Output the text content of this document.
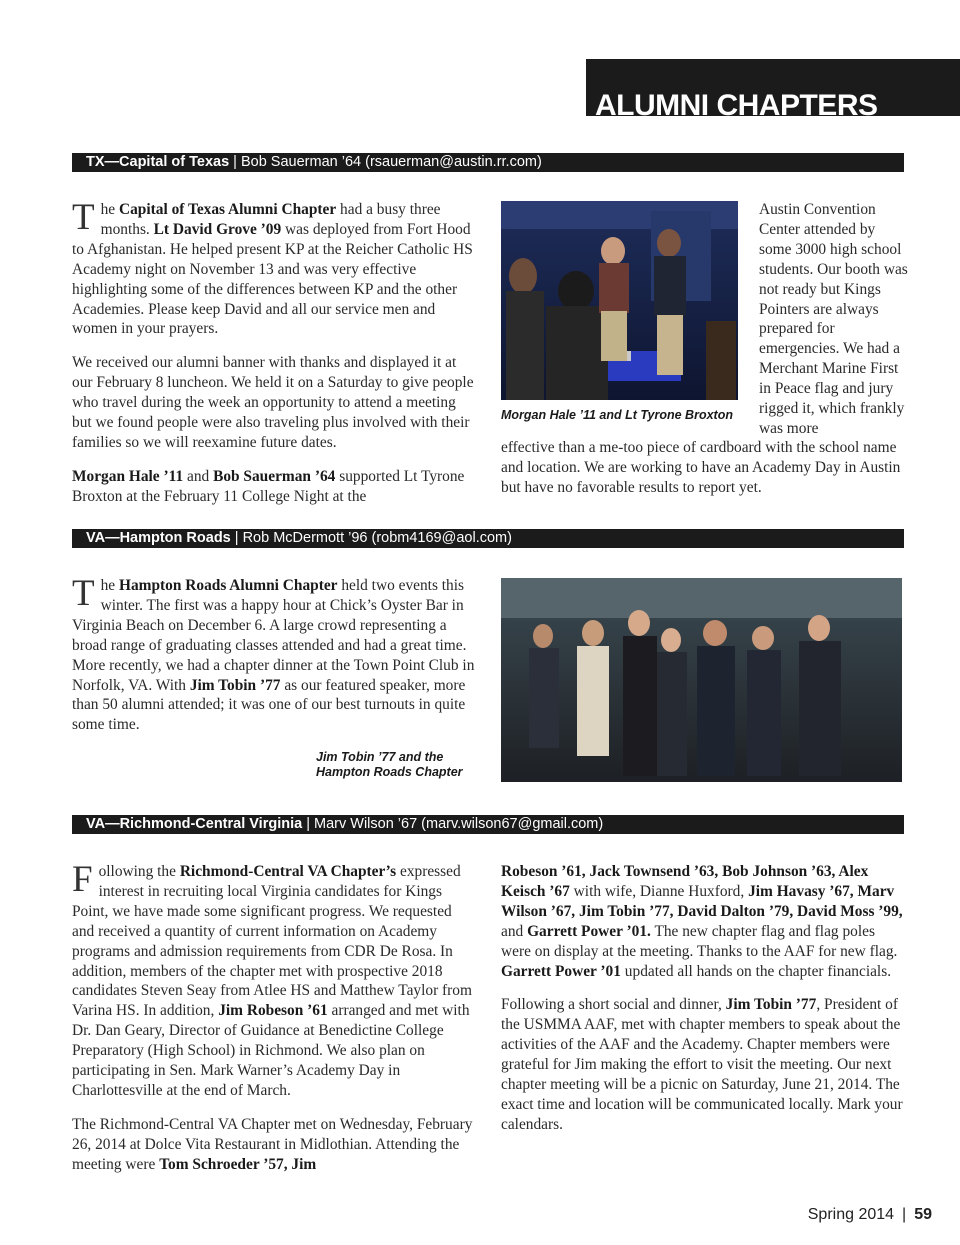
ALUMNI CHAPTERS
TX—Capital of Texas | Bob Sauerman ’64 (rsauerman@austin.rr.com)

The Capital of Texas Alumni Chapter had a busy three months. Lt David Grove ’09 was deployed from Fort Hood to Afghanistan. He helped present KP at the Reicher Catholic HS Academy night on November 13 and was very effective highlighting some of the differences between KP and the other Academies. Please keep David and all our service men and women in your prayers.

We received our alumni banner with thanks and displayed it at our February 8 luncheon. We held it on a Saturday to give people who travel during the week an opportunity to attend a meeting but we found people were also traveling plus involved with their families so we will reexamine future dates.

Morgan Hale ’11 and Bob Sauerman ’64 supported Lt Tyrone Broxton at the February 11 College Night at the

Morgan Hale ’11 and Lt Tyrone Broxton
Austin Convention Center attended by some 3000 high school students. Our booth was not ready but Kings Pointers are always prepared for emergencies. We had a Merchant Marine First in Peace flag and jury rigged it, which frankly was more
effective than a me-too piece of cardboard with the school name and location. We are working to have an Academy Day in Austin but have no favorable results to report yet.
VA—Hampton Roads | Rob McDermott ’96 (robm4169@aol.com)

The Hampton Roads Alumni Chapter held two events this winter. The first was a happy hour at Chick’s Oyster Bar in Virginia Beach on December 6. A large crowd representing a broad range of graduating classes attended and had a great time. More recently, we had a chapter dinner at the Town Point Club in Norfolk, VA. With Jim Tobin ’77 as our featured speaker, more than 50 alumni attended; it was one of our best turnouts in quite some time.

Jim Tobin ’77 and the
Hampton Roads Chapter
VA—Richmond-Central Virginia | Marv Wilson ’67 (marv.wilson67@gmail.com)

Following the Richmond-Central VA Chapter’s expressed interest in recruiting local Virginia candidates for Kings Point, we have made some significant progress. We requested and received a quantity of current information on Academy programs and admission requirements from CDR De Rosa. In addition, members of the chapter met with prospective 2018 candidates Steven Seay from Atlee HS and Matthew Taylor from Varina HS. In addition, Jim Robeson ’61 arranged and met with Dr. Dan Geary, Director of Guidance at Benedictine College Preparatory (High School) in Richmond. We also plan on participating in Sen. Mark Warner’s Academy Day in Charlottesville at the end of March.

The Richmond-Central VA Chapter met on Wednesday, February 26, 2014 at Dolce Vita Restaurant in Midlothian. Attending the meeting were Tom Schroeder ’57, Jim

Robeson ’61, Jack Townsend ’63, Bob Johnson ’63, Alex Keisch ’67 with wife, Dianne Huxford, Jim Havasy ’67, Marv Wilson ’67, Jim Tobin ’77, David Dalton ’79, David Moss ’99, and Garrett Power ’01. The new chapter flag and flag poles were on display at the meeting. Thanks to the AAF for new flag. Garrett Power ’01 updated all hands on the chapter financials.

Following a short social and dinner, Jim Tobin ’77, President of the USMMA AAF, met with chapter members to speak about the activities of the AAF and the Academy. Chapter members were grateful for Jim making the effort to visit the meeting. Our next chapter meeting will be a picnic on Saturday, June 21, 2014. The exact time and location will be communicated locally. Mark your calendars.

Spring 2014 | 59
